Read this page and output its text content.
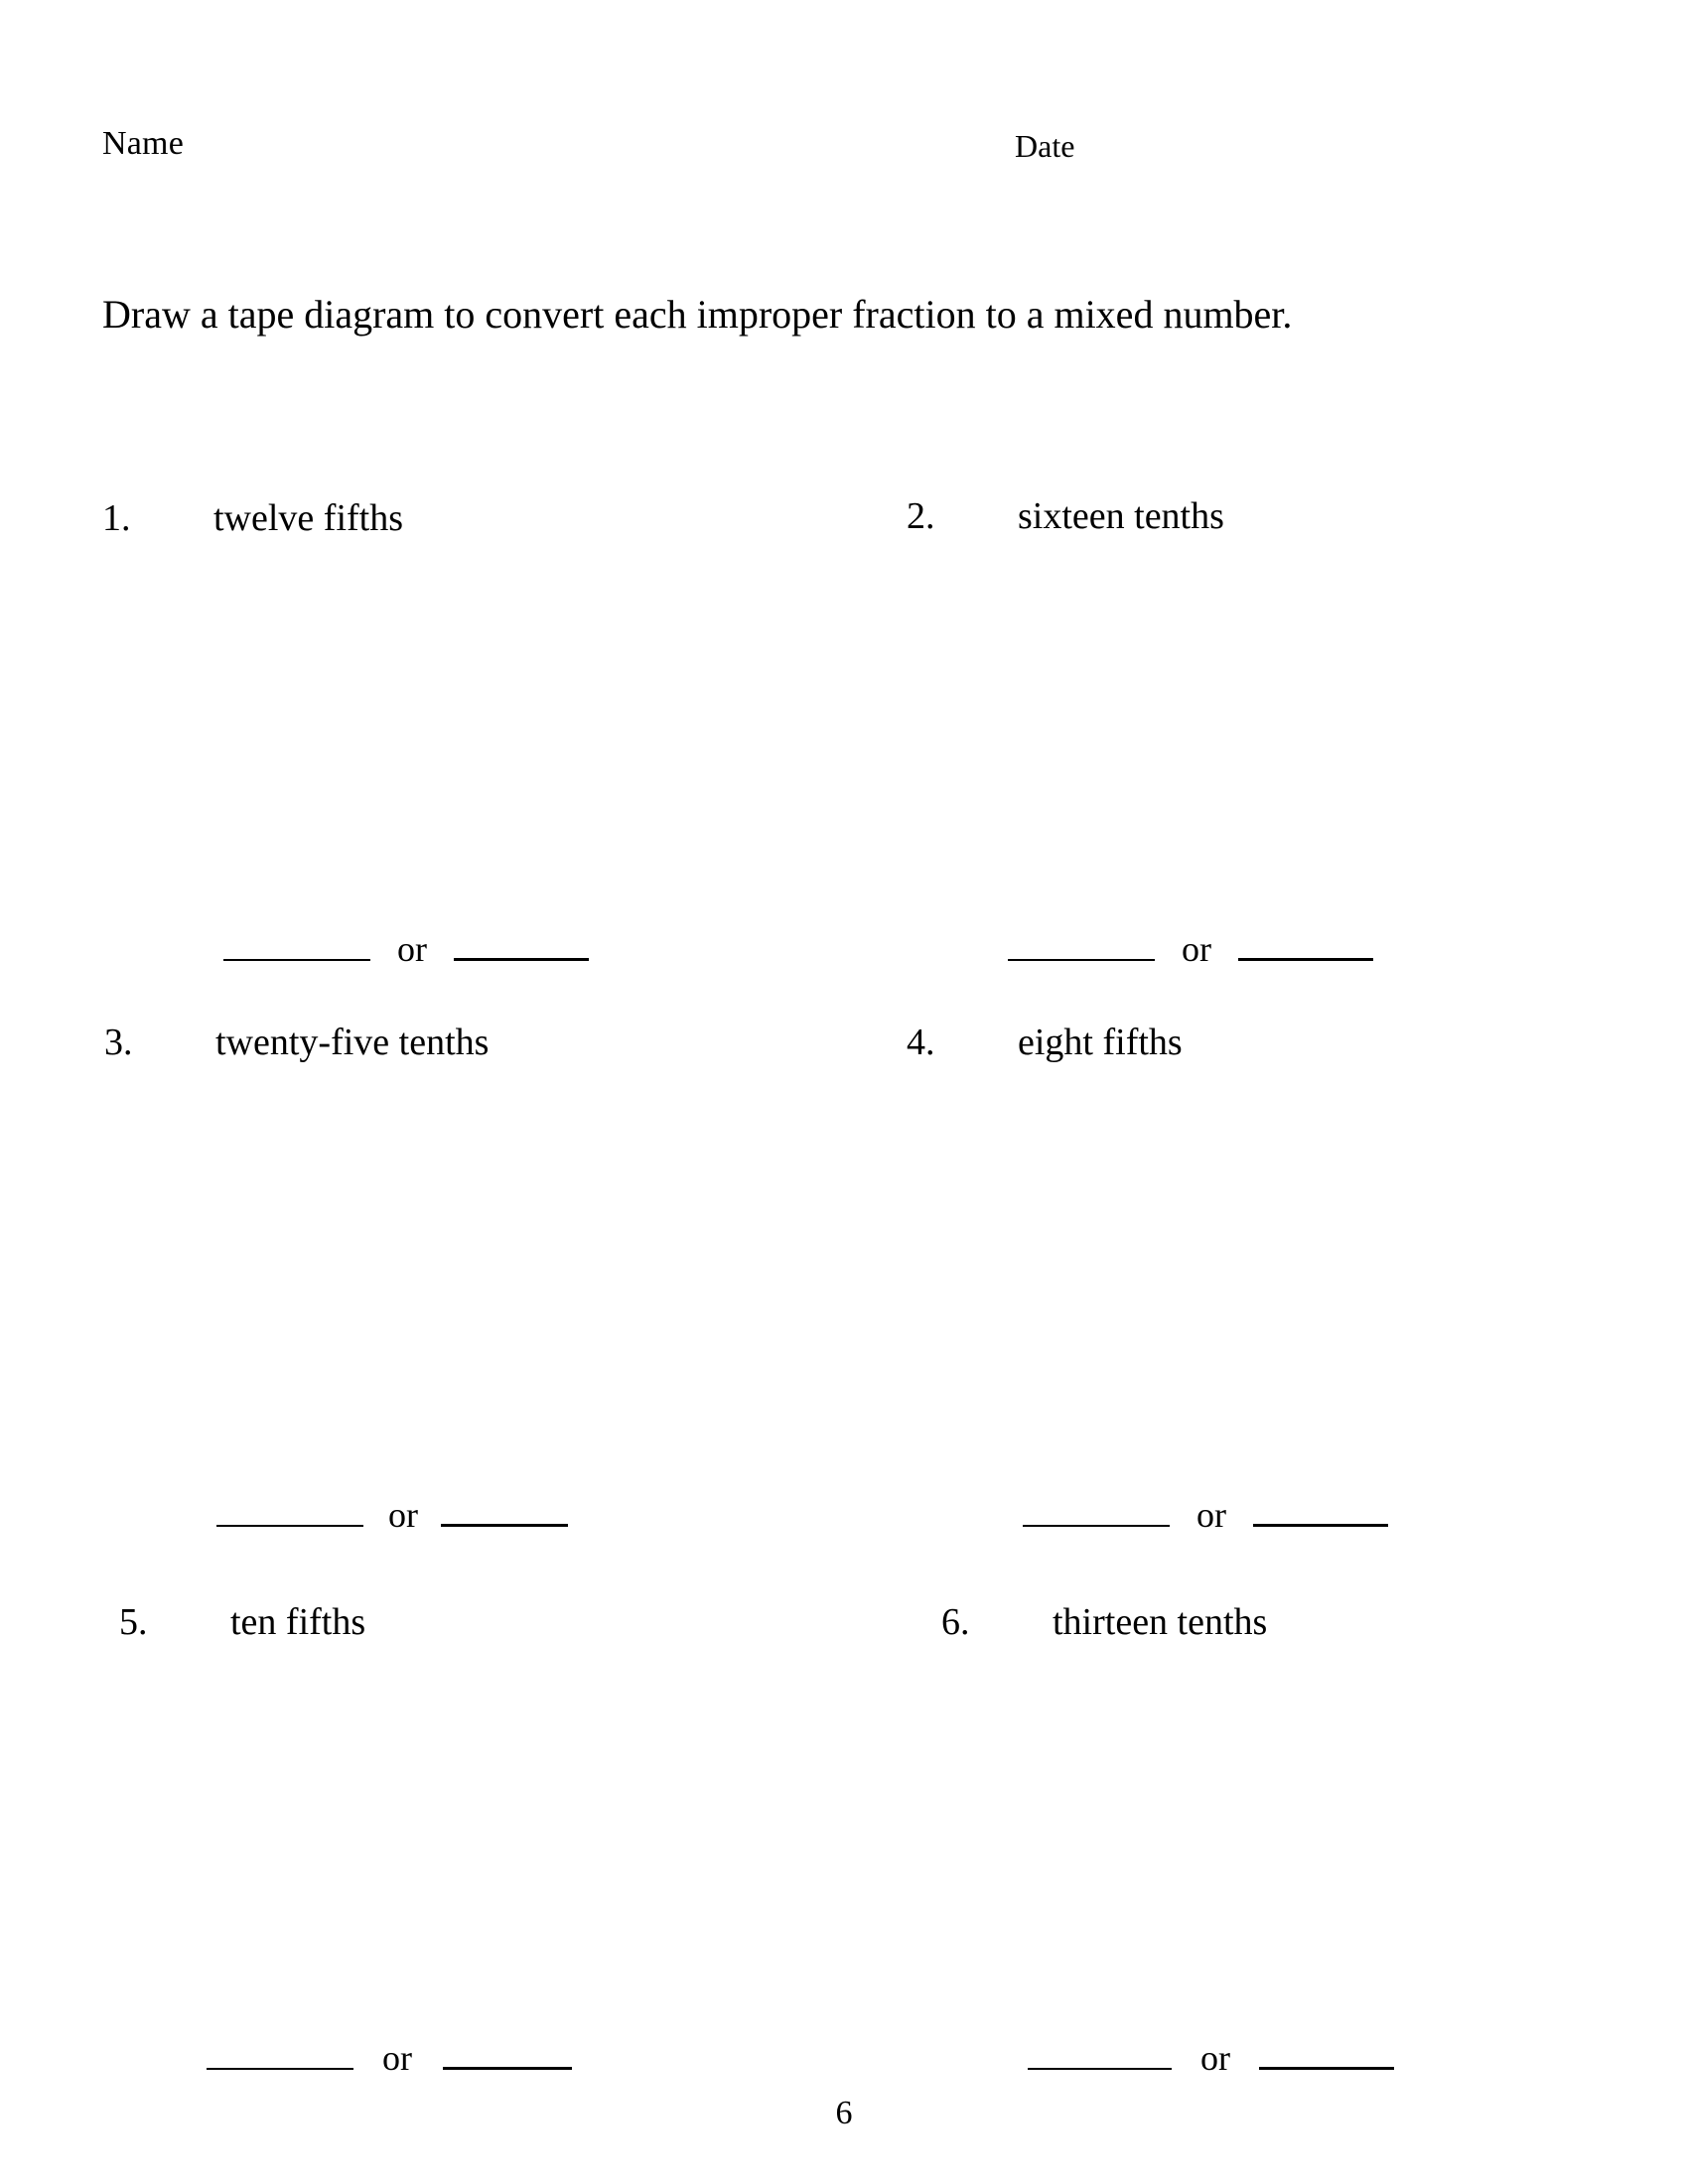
Name	Date
Draw a tape diagram to convert each improper fraction to a mixed number.
1. twelve fifths
or
2. sixteen tenths
or
3. twenty-five tenths
or
4. eight fifths
or
5. ten fifths
or
6. thirteen tenths
or
6
